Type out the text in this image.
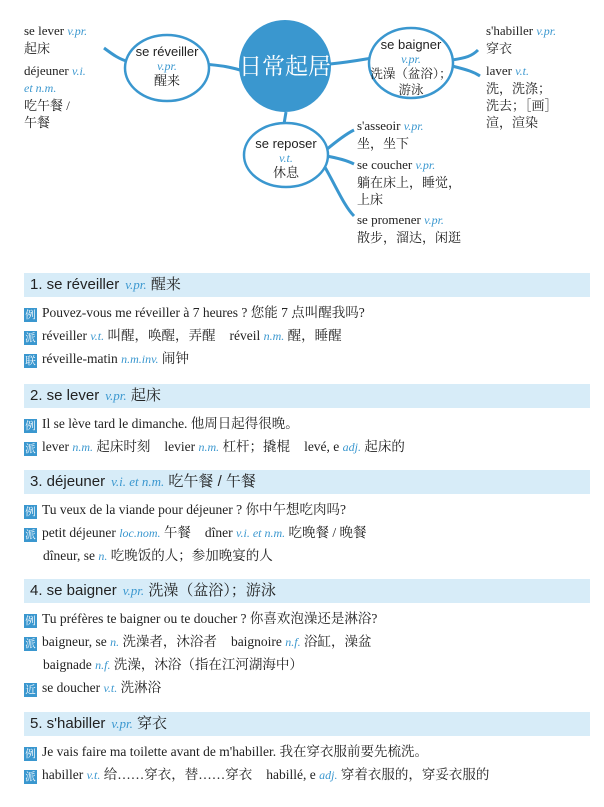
日常起居
se réveiller
v.pr.
醒来
se baigner
v.pr.
洗澡（盆浴）；
游泳
se reposer
v.t.
休息
se lever v.pr.
起床
déjeuner v.i.
et n.m.
吃午餐 /
午餐
s'habiller v.pr.
穿衣
laver v.t.
洗，洗涤；
洗去；［画］
渲，渲染
s'asseoir v.pr.
坐，坐下
se coucher v.pr.
躺在床上，睡觉，
上床
se promener v.pr.
散步，溜达，闲逛
1. se réveiller v.pr. 醒来
例 Pouvez-vous me réveiller à 7 heures ? 您能 7 点叫醒我吗?
派 réveiller v.t. 叫醒，唤醒，弄醒 réveil n.m. 醒，睡醒
联 réveille-matin n.m.inv. 闹钟
2. se lever v.pr. 起床
例 Il se lève tard le dimanche. 他周日起得很晚。
派 lever n.m. 起床时刻 levier n.m. 杠杆；撬棍 levé, e adj. 起床的
3. déjeuner v.i. et n.m. 吃午餐 / 午餐
例 Tu veux de la viande pour déjeuner ? 你中午想吃肉吗?
派 petit déjeuner loc.nom. 午餐 dîner v.i. et n.m. 吃晚餐 / 晚餐
dîneur, se n. 吃晚饭的人；参加晚宴的人
4. se baigner v.pr. 洗澡（盆浴）；游泳
例 Tu préfères te baigner ou te doucher ? 你喜欢泡澡还是淋浴?
派 baigneur, se n. 洗澡者，沐浴者 baignoire n.f. 浴缸，澡盆
baignade n.f. 洗澡，沐浴（指在江河湖海中）
近 se doucher v.t. 洗淋浴
5. s'habiller v.pr. 穿衣
例 Je vais faire ma toilette avant de m'habiller. 我在穿衣服前要先梳洗。
派 habiller v.t. 给……穿衣，替……穿衣 habillé, e adj. 穿着衣服的，穿妥衣服的
